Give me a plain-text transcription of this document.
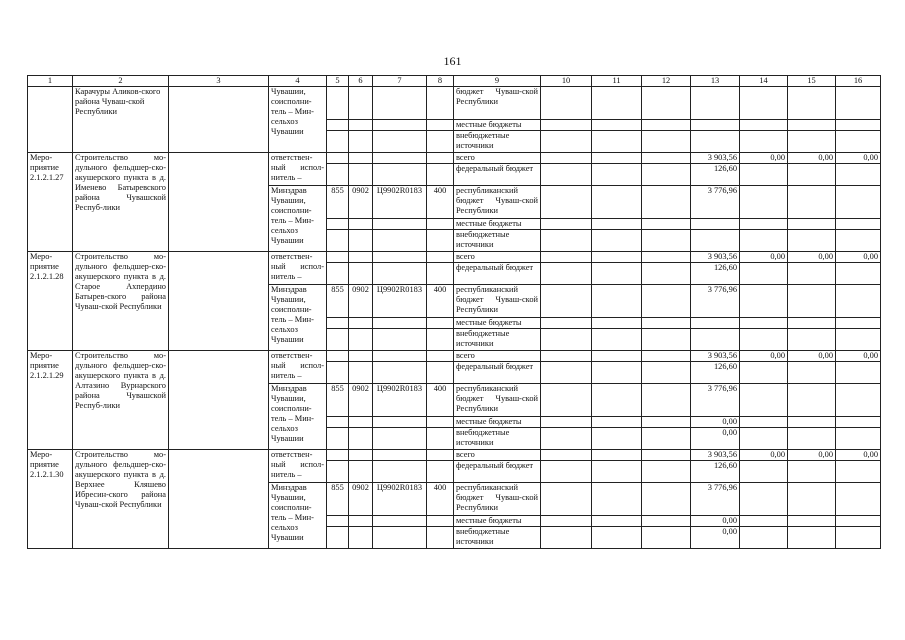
161
1	2	3	4	5	6	7	8	9	10	11	12	13	14	15	16
	Карачуры Аликов-ского района Чуваш-ской Республики		Чувашии, соисполни-тель – Мин-сельхоз Чувашии					бюджет Чуваш-ской Республики							
								местные бюджеты							
								внебюджетные источники							
Меро-приятие 2.1.2.1.27	Строительство мо-дульного фельдшер-ско-акушерского пункта в д. Именево Батыревского района Чувашской Респуб-лики		ответствен-ный испол-нитель –					всего				3 903,56	0,00	0,00	0,00
								федеральный бюджет				126,60			
			Минздрав Чувашии, соисполни-тель – Мин-сельхоз Чувашии	855	0902	Ц9902R0183	400	республиканский бюджет Чуваш-ской Республики				3 776,96			
								местные бюджеты							
								внебюджетные источники							
Меро-приятие 2.1.2.1.28	Строительство мо-дульного фельдшер-ско-акушерского пункта в д. Старое Ахпердино Батырев-ского района Чуваш-ской Республики		ответствен-ный испол-нитель –					всего				3 903,56	0,00	0,00	0,00
								федеральный бюджет				126,60			
			Минздрав Чувашии, соисполни-тель – Мин-сельхоз Чувашии	855	0902	Ц9902R0183	400	республиканский бюджет Чуваш-ской Республики				3 776,96			
								местные бюджеты							
								внебюджетные источники							
Меро-приятие 2.1.2.1.29	Строительство мо-дульного фельдшер-ско-акушерского пункта в д. Алтазино Вурнарского района Чувашской Респуб-лики		ответствен-ный испол-нитель –					всего				3 903,56	0,00	0,00	0,00
								федеральный бюджет				126,60			
			Минздрав Чувашии, соисполни-тель – Мин-сельхоз Чувашии	855	0902	Ц9902R0183	400	республиканский бюджет Чуваш-ской Республики				3 776,96			
								местные бюджеты				0,00			
								внебюджетные источники				0,00			
Меро-приятие 2.1.2.1.30	Строительство мо-дульного фельдшер-ско-акушерского пункта в д. Верхнее Кляшево Ибресин-ского района Чуваш-ской Республики		ответствен-ный испол-нитель –					всего				3 903,56	0,00	0,00	0,00
								федеральный бюджет				126,60			
			Минздрав Чувашии, соисполни-тель – Мин-сельхоз Чувашии	855	0902	Ц9902R0183	400	республиканский бюджет Чуваш-ской Республики				3 776,96			
								местные бюджеты				0,00			
								внебюджетные источники				0,00			
